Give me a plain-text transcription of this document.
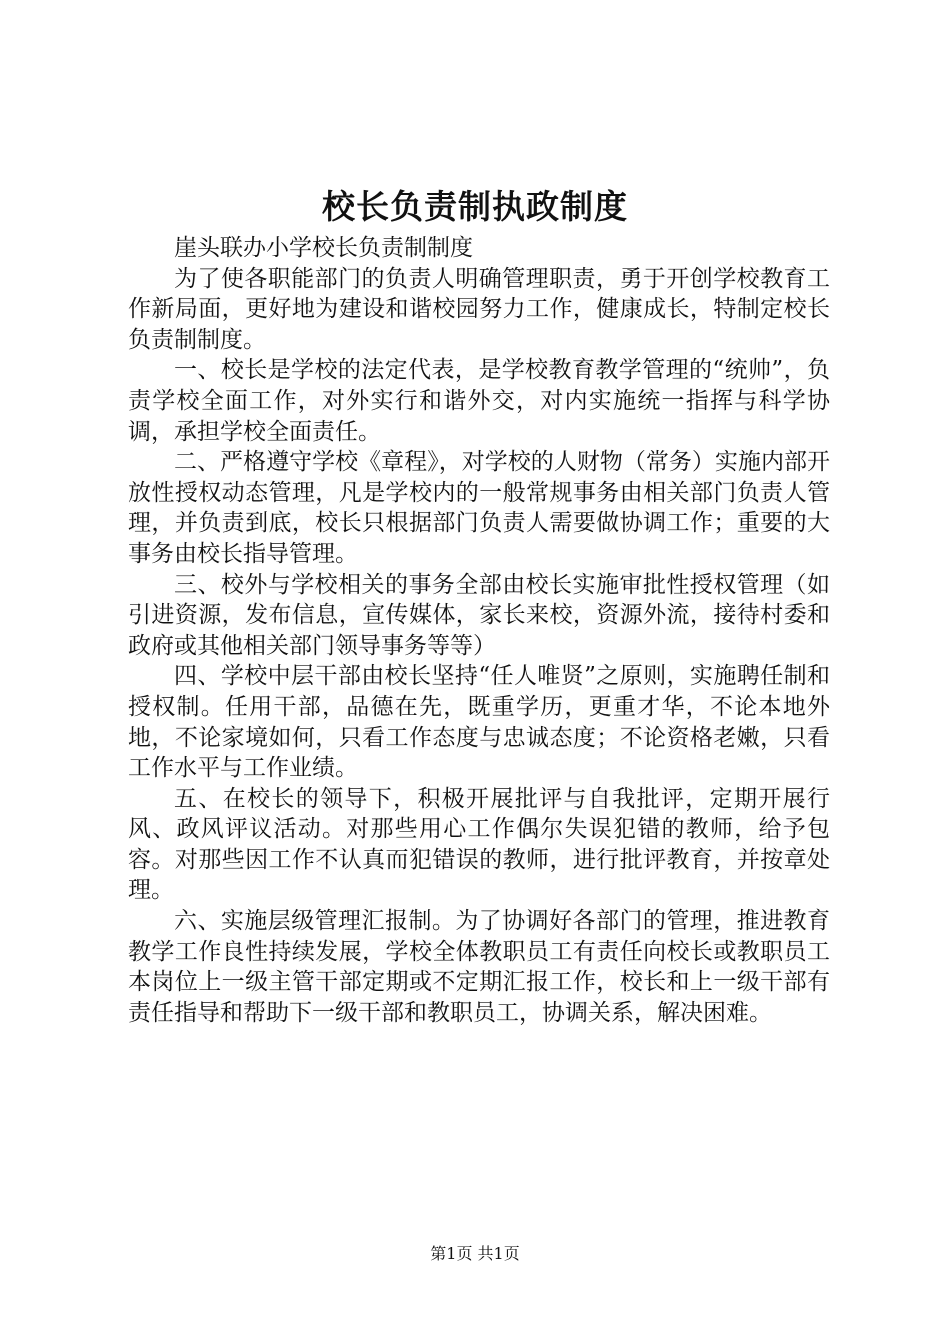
校长负责制执政制度

崖头联办小学校长负责制制度

为了使各职能部门的负责人明确管理职责，勇于开创学校教育工作新局面，更好地为建设和谐校园努力工作，健康成长，特制定校长负责制制度。

一、校长是学校的法定代表，是学校教育教学管理的“统帅”，负责学校全面工作，对外实行和谐外交，对内实施统一指挥与科学协调，承担学校全面责任。

二、严格遵守学校《章程》，对学校的人财物（常务）实施内部开放性授权动态管理，凡是学校内的一般常规事务由相关部门负责人管理，并负责到底，校长只根据部门负责人需要做协调工作；重要的大事务由校长指导管理。

三、校外与学校相关的事务全部由校长实施审批性授权管理（如引进资源，发布信息，宣传媒体，家长来校，资源外流，接待村委和政府或其他相关部门领导事务等等）

四、学校中层干部由校长坚持“任人唯贤”之原则，实施聘任制和授权制。任用干部，品德在先，既重学历，更重才华，不论本地外地，不论家境如何，只看工作态度与忠诚态度；不论资格老嫩，只看工作水平与工作业绩。

五、在校长的领导下，积极开展批评与自我批评，定期开展行风、政风评议活动。对那些用心工作偶尔失误犯错的教师，给予包容。对那些因工作不认真而犯错误的教师，进行批评教育，并按章处理。

六、实施层级管理汇报制。为了协调好各部门的管理，推进教育教学工作良性持续发展，学校全体教职员工有责任向校长或教职员工本岗位上一级主管干部定期或不定期汇报工作，校长和上一级干部有责任指导和帮助下一级干部和教职员工，协调关系，解决困难。

第1页 共1页
